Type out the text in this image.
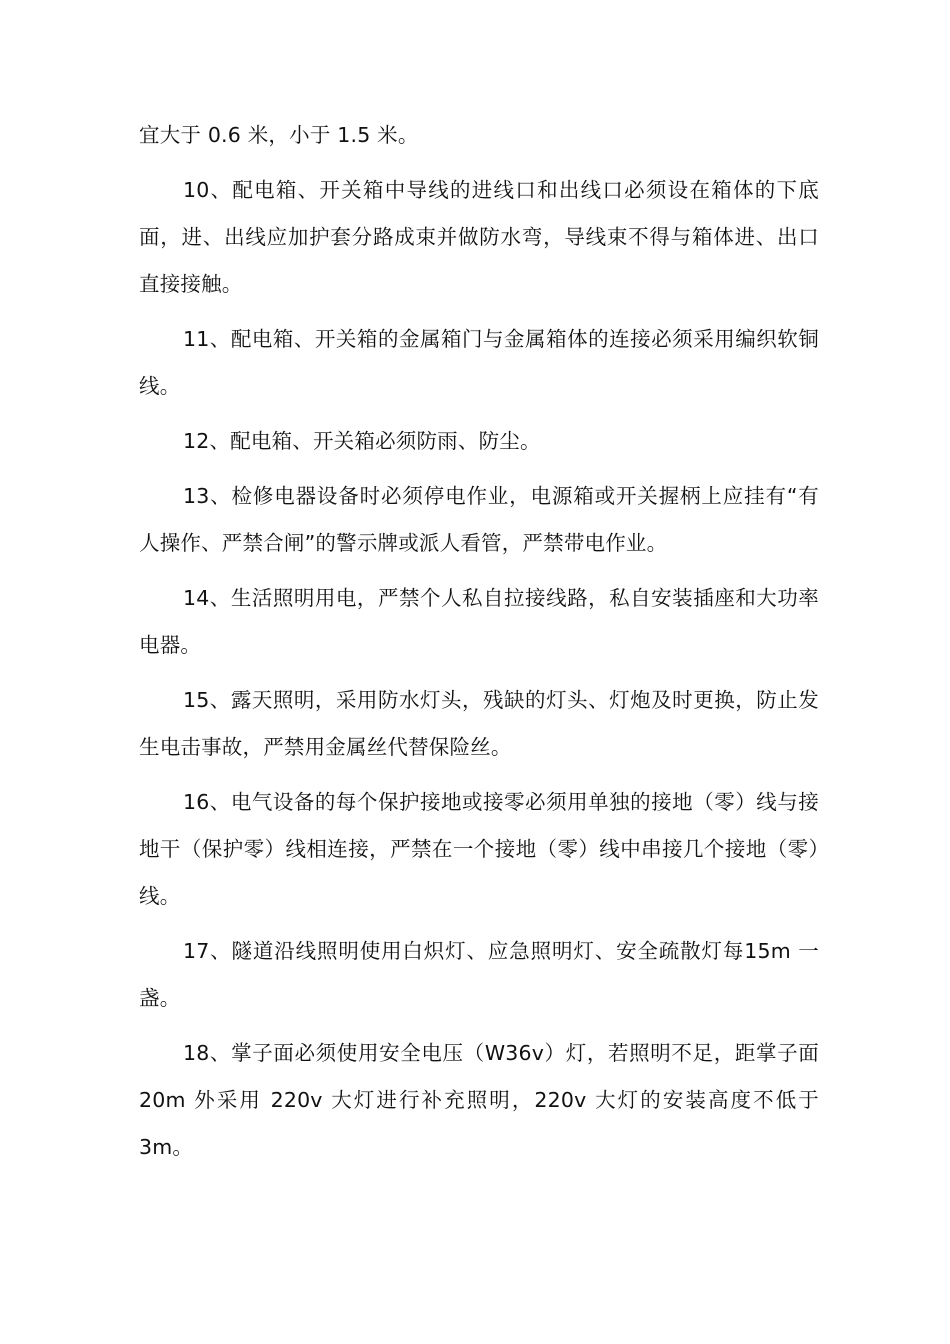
宜大于 0.6 米，小于 1.5 米。

10、配电箱、开关箱中导线的进线口和出线口必须设在箱体的下底面，进、出线应加护套分路成束并做防水弯，导线束不得与箱体进、出口直接接触。

11、配电箱、开关箱的金属箱门与金属箱体的连接必须采用编织软铜线。

12、配电箱、开关箱必须防雨、防尘。

13、检修电器设备时必须停电作业，电源箱或开关握柄上应挂有“有人操作、严禁合闸”的警示牌或派人看管，严禁带电作业。

14、生活照明用电，严禁个人私自拉接线路，私自安装插座和大功率电器。

15、露天照明，采用防水灯头，残缺的灯头、灯炮及时更换，防止发生电击事故，严禁用金属丝代替保险丝。

16、电气设备的每个保护接地或接零必须用单独的接地（零）线与接地干（保护零）线相连接，严禁在一个接地（零）线中串接几个接地（零）线。

17、隧道沿线照明使用白炽灯、应急照明灯、安全疏散灯每15m 一盏。

18、掌子面必须使用安全电压（W36v）灯，若照明不足，距掌子面 20m 外采用 220v 大灯进行补充照明，220v 大灯的安装高度不低于 3m。
